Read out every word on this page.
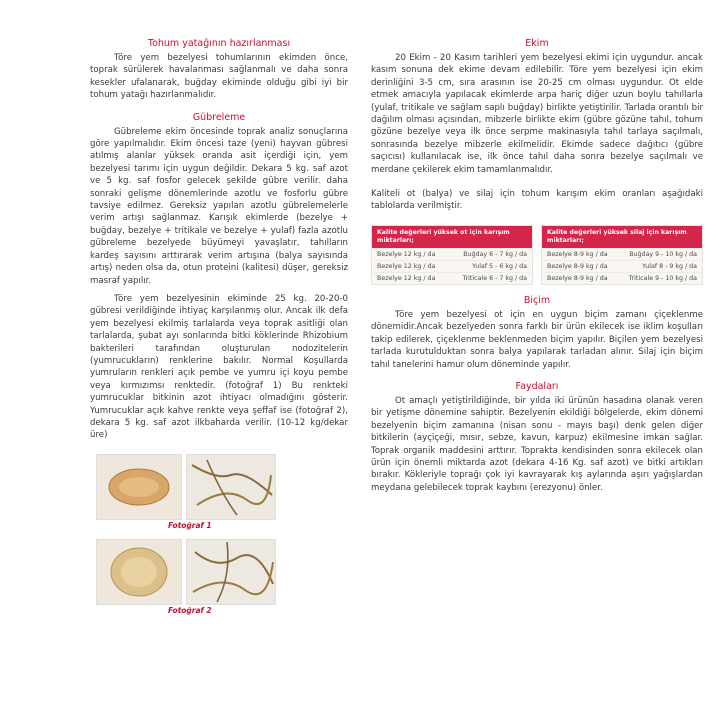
Tohum yatağının hazırlanması

Töre yem bezelyesi tohumlarının ekimden önce, toprak sürülerek havalanması sağlanmalı ve daha sonra kesekler ufalanarak, buğday ekiminde olduğu gibi iyi bir tohum yatağı hazırlanmalıdır.

Gübreleme

Gübreleme ekim öncesinde toprak analiz sonuçlarına göre yapılmalıdır. Ekim öncesi taze (yeni) hayvan gübresi atılmış alanlar yüksek oranda asit içerdiği için, yem bezelyesi tarımı için uygun değildir. Dekara 5 kg. saf azot ve 5 kg. saf fosfor gelecek şekilde gübre verilir. daha sonraki gelişme dönemlerinde azotlu ve fosforlu gübre tavsiye edilmez. Gereksiz yapılan azotlu gübrelemelerle verim artışı sağlanmaz. Karışık ekimlerde (bezelye + buğday, bezelye + tritikale ve bezelye + yulaf) fazla azotlu gübreleme bezelyede büyümeyi yavaşlatır, tahılların kardeş sayısını arttırarak verim artışına (balya sayısında artış) neden olsa da, otun proteini (kalitesi) düşer, gereksiz masraf yapılır.

Töre yem bezelyesinin ekiminde 25 kg. 20-20-0 gübresi verildiğinde ihtiyaç karşılanmış olur. Ancak ilk defa yem bezelyesi ekilmiş tarlalarda veya toprak asitliği olan tarlalarda, şubat ayı sonlarında bitki köklerinde Rhizobium bakterileri tarafından oluşturulan nodozitelerin (yumrucukların) renklerine bakılır. Normal Koşullarda yumruların renkleri açık pembe ve yumru içi koyu pembe veya kırmızımsı renktedir. (fotoğraf 1) Bu renkteki yumrucuklar bitkinin azot ihtiyacı olmadığını gösterir. Yumrucuklar açık kahve renkte veya şeffaf ise (fotoğraf 2), dekara 5 kg. saf azot ilkbaharda verilir. (10-12 kg/dekar üre)

Fotoğraf 1
Fotoğraf 2
Ekim

20 Ekim - 20 Kasım tarihleri yem bezelyesi ekimi için uygundur. ancak kasım sonuna dek ekime devam edilebilir. Töre yem bezelyesi için ekim derinliğini 3-5 cm, sıra arasının ise 20-25 cm olması uygundur. Ot elde etmek amacıyla yapılacak ekimlerde arpa hariç diğer uzun boylu tahıllarla (yulaf, tritikale ve sağlam saplı buğday) birlikte yetiştirilir. Tarlada orantılı bir dağılım olması açısından, mibzerle birlikte ekim (gübre gözüne tahıl, tohum gözüne bezelye veya ilk önce serpme makinasıyla tahıl tarlaya saçılmalı, sonrasında bezelye mibzerle ekilmelidir. Ekimde sadece dağıtıcı (gübre saçıcısı) kullanılacak ise, ilk önce tahıl daha sonra bezelye saçılmalı ve merdane çekilerek ekim tamamlanmalıdır.

Kaliteli ot (balya) ve silaj için tohum karışım ekim oranları aşağıdaki tablolarda verilmiştir.

Kalite değerleri yüksek ot için karışım miktarları;
Bezelye 12 kg / da	Buğday 6 - 7 kg / da
Bezelye 12 kg / da	Yulaf 5 - 6 kg / da
Bezelye 12 kg / da	Triticale 6 - 7 kg / da
Kalite değerleri yüksek silaj için karışım miktarları;
Bezelye 8-9 kg / da	Buğday 9 - 10 kg / da
Bezelye 8-9 kg / da	Yulaf 8 - 9 kg / da
Bezelye 8-9 kg / da	Triticale 9 - 10 kg / da
Biçim

Töre yem bezelyesi ot için en uygun biçim zamanı çiçeklenme dönemidir.Ancak bezelyeden sonra farklı bir ürün ekilecek ise iklim koşulları takip edilerek, çiçeklenme beklenmeden biçim yapılır. Biçilen yem bezelyesi tarlada kurutulduktan sonra balya yapılarak tarladan alınır. Silaj için biçim tahıl tanelerini hamur olum döneminde yapılır.

Faydaları

Ot amaçlı yetiştirildiğinde, bir yılda iki ürünün hasadına olanak veren bir yetişme dönemine sahiptir. Bezelyenin ekildiği bölgelerde, ekim dönemi bezelyenin biçim zamanına (nisan sonu - mayıs başı) denk gelen diğer bitkilerin (ayçiçeği, mısır, sebze, kavun, karpuz) ekilmesine imkan sağlar. Toprak organik maddesini arttırır. Toprakta kendisinden sonra ekilecek olan ürün için önemli miktarda azot (dekara 4-16 Kg. saf azot) ve bitki artıkları bırakır. Kökleriyle toprağı çok iyi kavrayarak kış aylarında aşırı yağışlardan meydana gelebilecek toprak kaybını (erezyonu) önler.
